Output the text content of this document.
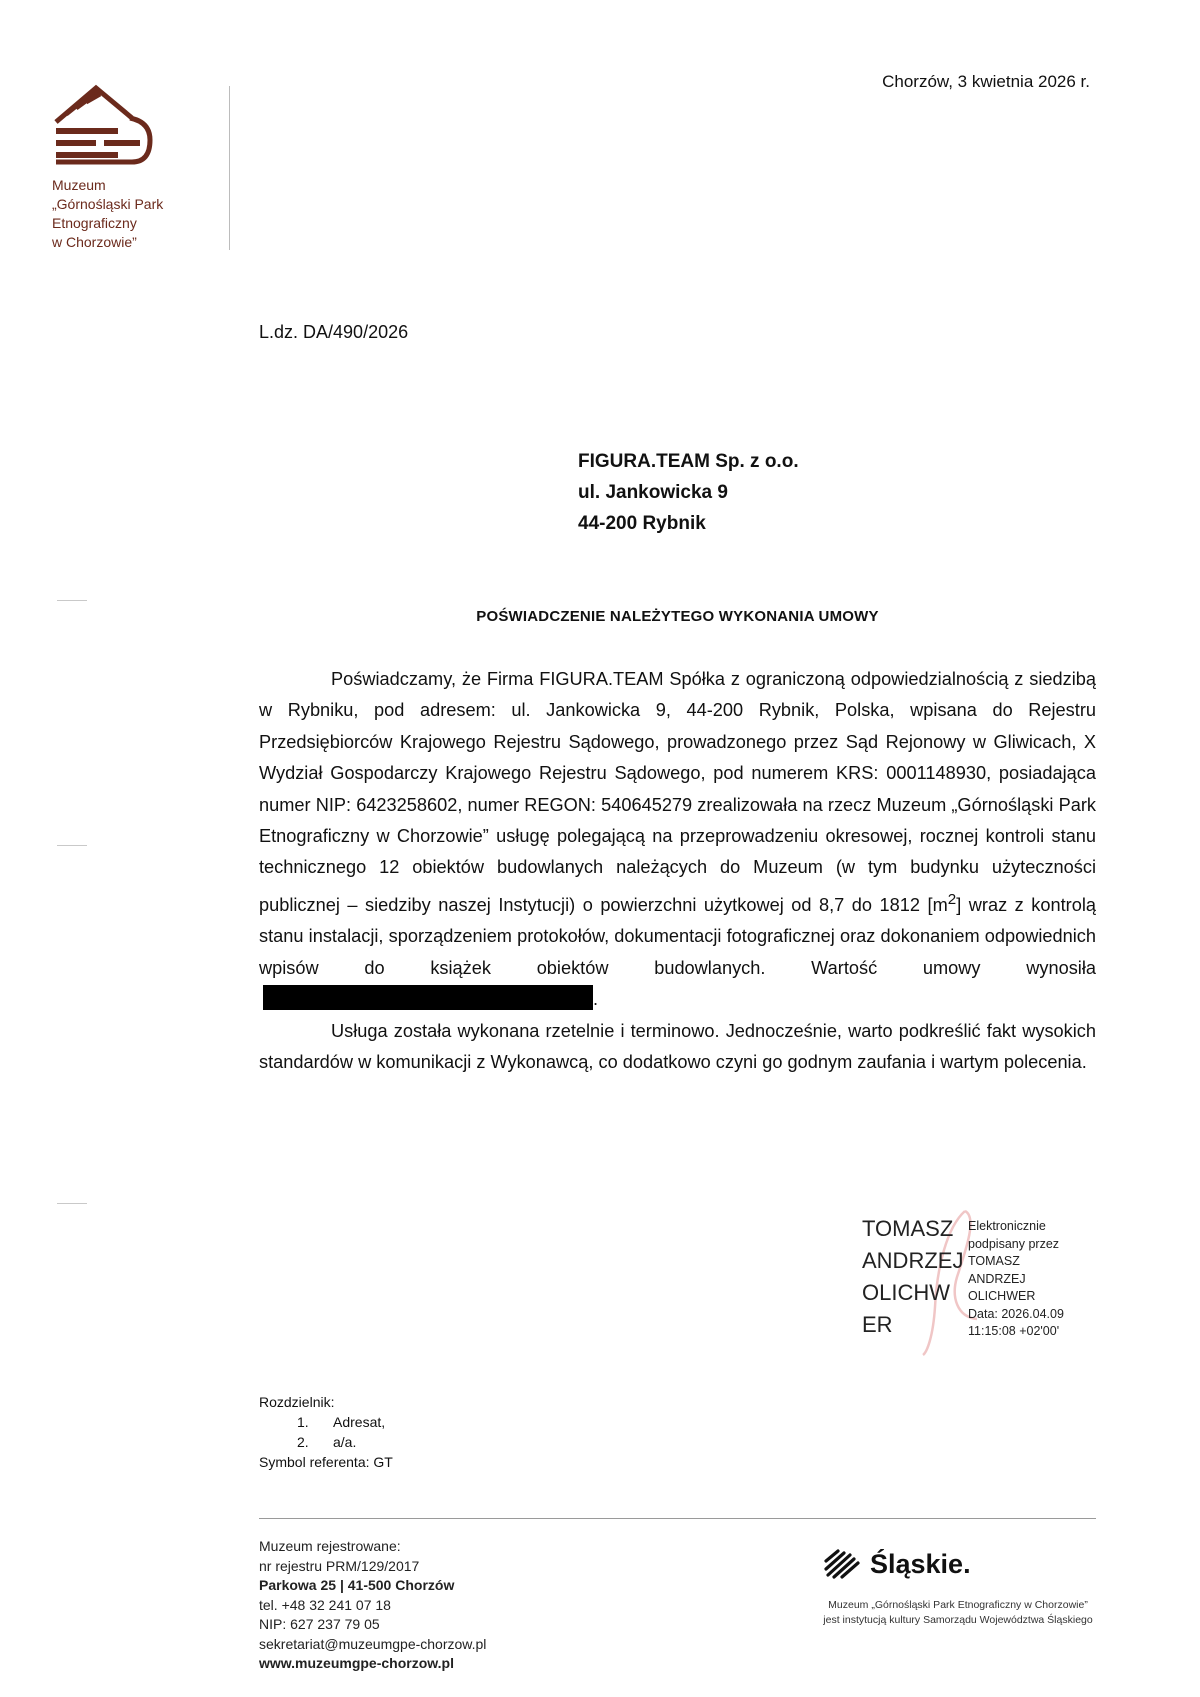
Muzeum
„Górnośląski Park
Etnograficzny
w Chorzowie”
Chorzów, 3 kwietnia 2026 r.
L.dz. DA/490/2026
FIGURA.TEAM Sp. z o.o.
ul. Jankowicka 9
44-200 Rybnik
POŚWIADCZENIE NALEŻYTEGO WYKONANIA UMOWY

Poświadczamy, że Firma FIGURA.TEAM Spółka z ograniczoną odpowiedzialnością z siedzibą w Rybniku, pod adresem: ul. Jankowicka 9, 44-200 Rybnik, Polska, wpisana do Rejestru Przedsiębiorców Krajowego Rejestru Sądowego, prowadzonego przez Sąd Rejonowy w Gliwicach, X Wydział Gospodarczy Krajowego Rejestru Sądowego, pod numerem KRS: 0001148930, posiadająca numer NIP: 6423258602, numer REGON: 540645279 zrealizowała na rzecz Muzeum „Górnośląski Park Etnograficzny w Chorzowie” usługę polegającą na przeprowadzeniu okresowej, rocznej kontroli stanu technicznego 12 obiektów budowlanych należących do Muzeum (w tym budynku użyteczności publicznej – siedziby naszej Instytucji) o powierzchni użytkowej od 8,7 do 1812 $[m^2]$ wraz z kontrolą stanu instalacji, sporządzeniem protokołów, dokumentacji fotograficznej oraz dokonaniem odpowiednich wpisów do książek obiektów budowlanych. Wartość umowy wynosiła.

Usługa została wykonana rzetelnie i terminowo. Jednocześnie, warto podkreślić fakt wysokich standardów w komunikacji z Wykonawcą, co dodatkowo czyni go godnym zaufania i wartym polecenia.

TOMASZ
ANDRZEJ
OLICHW
ER
Elektronicznie
podpisany przez
TOMASZ
ANDRZEJ
OLICHWER
Data: 2026.04.09
11:15:08 +02'00'
Rozdzielnik:
1. Adresat,
2. a/a.
Symbol referenta: GT
Muzeum rejestrowane:
nr rejestru PRM/129/2017
Parkowa 25 | 41-500 Chorzów
tel. +48 32 241 07 18
NIP: 627 237 79 05
sekretariat@muzeumgpe-chorzow.pl
www.muzeumgpe-chorzow.pl
Śląskie.
Muzeum „Górnośląski Park Etnograficzny w Chorzowie”
jest instytucją kultury Samorządu Województwa Śląskiego
